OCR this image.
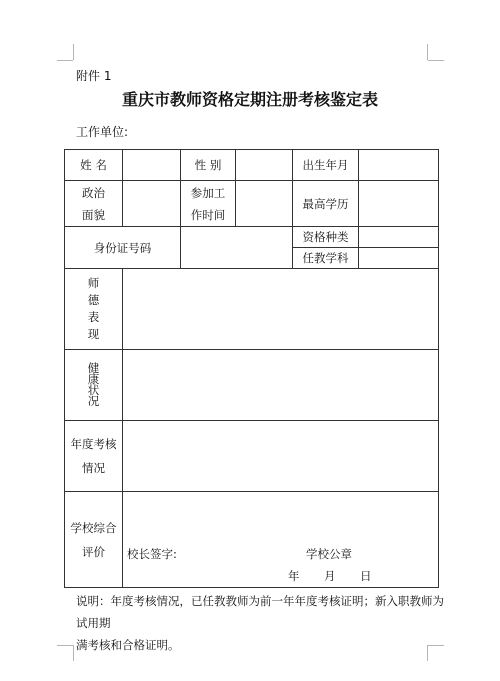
附件 1
重庆市教师资格定期注册考核鉴定表
工作单位:
姓 名		性 别		出生年月	

政治
面貌		参加工
作时间		最高学历	
身份证号码				资格种类	
				任教学科	

师
德
表
现					

健
康
状
况					

年度考核
情况					

学校综合
评价	校长签字: 学校公章
年 月 日				
说明：年度考核情况，已任教教师为前一年年度考核证明；新入职教师为试用期
满考核和合格证明。
